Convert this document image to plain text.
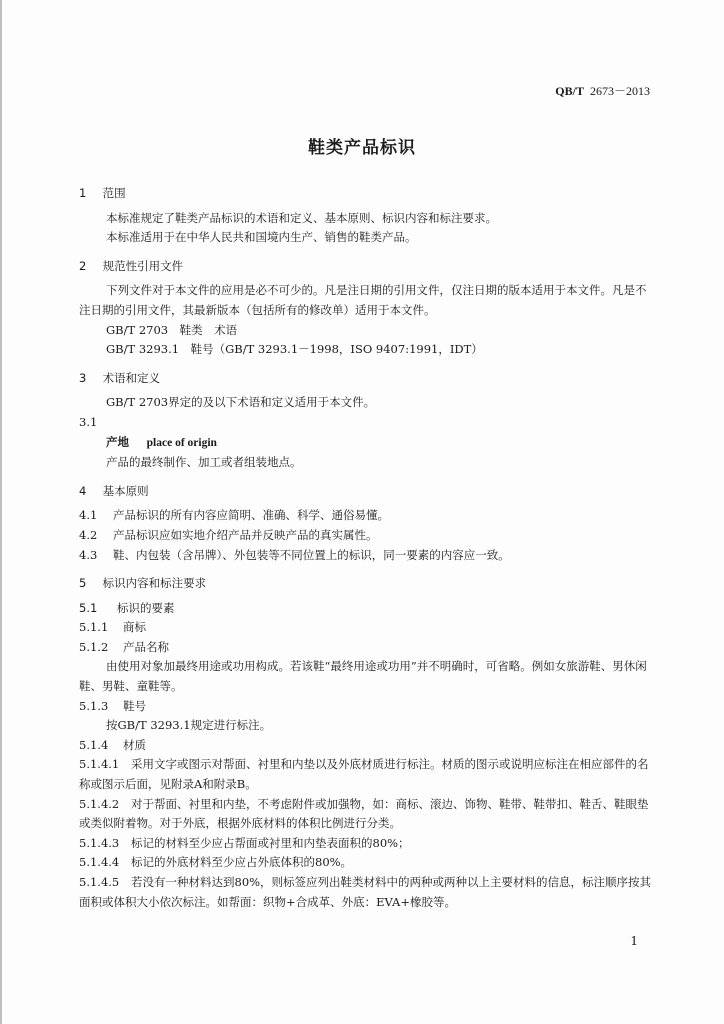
QB/T 2673－2013
鞋类产品标识
1 范围
本标准规定了鞋类产品标识的术语和定义、基本原则、标识内容和标注要求。
本标准适用于在中华人民共和国境内生产、销售的鞋类产品。
2 规范性引用文件
下列文件对于本文件的应用是必不可少的。凡是注日期的引用文件，仅注日期的版本适用于本文件。凡是不注日期的引用文件，其最新版本（包括所有的修改单）适用于本文件。
GB/T 2703　鞋类　术语
GB/T 3293.1　鞋号（GB/T 3293.1－1998，ISO 9407:1991，IDT）
3 术语和定义
GB/T 2703界定的及以下术语和定义适用于本文件。
3.1
产地 place of origin
产品的最终制作、加工或者组装地点。
4 基本原则
4.1 产品标识的所有内容应简明、准确、科学、通俗易懂。
4.2 产品标识应如实地介绍产品并反映产品的真实属性。
4.3 鞋、内包装（含吊牌）、外包装等不同位置上的标识，同一要素的内容应一致。
5 标识内容和标注要求
5.1 标识的要素
5.1.1 商标
5.1.2 产品名称
由使用对象加最终用途或功用构成。若该鞋“最终用途或功用”并不明确时，可省略。例如女旅游鞋、男休闲鞋、男鞋、童鞋等。
5.1.3 鞋号
按GB/T 3293.1规定进行标注。
5.1.4 材质
5.1.4.1 采用文字或图示对帮面、衬里和内垫以及外底材质进行标注。材质的图示或说明应标注在相应部件的名称或图示后面，见附录A和附录B。
5.1.4.2 对于帮面、衬里和内垫，不考虑附件或加强物，如：商标、滚边、饰物、鞋带、鞋带扣、鞋舌、鞋眼垫或类似附着物。对于外底，根据外底材料的体积比例进行分类。
5.1.4.3 标记的材料至少应占帮面或衬里和内垫表面积的80%；
5.1.4.4 标记的外底材料至少应占外底体积的80%。
5.1.4.5 若没有一种材料达到80%，则标签应列出鞋类材料中的两种或两种以上主要材料的信息，标注顺序按其面积或体积大小依次标注。如帮面：织物+合成革、外底：EVA+橡胶等。
1
